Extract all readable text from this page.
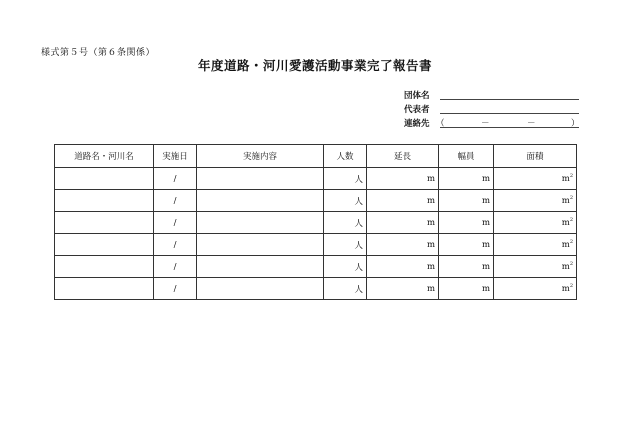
様式第５号（第６条関係）
年度道路・河川愛護活動事業完了報告書
団体名
代表者
連絡先 （	－	－	）
道路名・河川名	実施日	実施内容	人数	延長	幅員	面積
	/		人	m	m	$m^2$
	/		人	m	m	$m^2$
	/		人	m	m	$m^2$
	/		人	m	m	$m^2$
	/		人	m	m	$m^2$
	/		人	m	m	$m^2$
